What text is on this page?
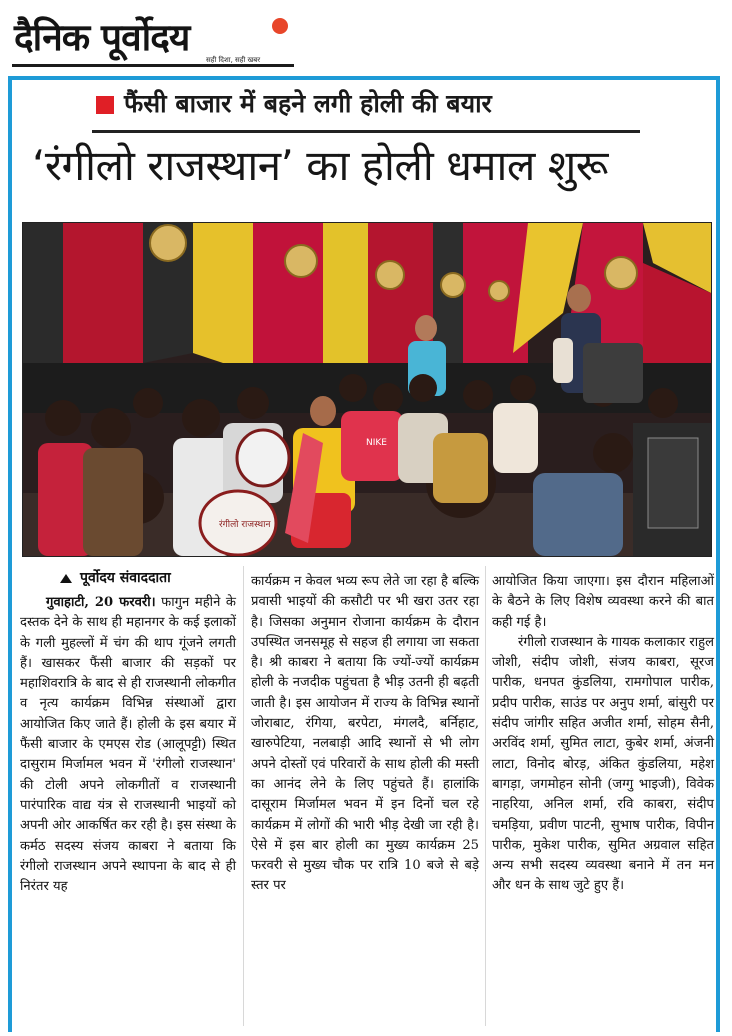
दैनिक पूर्वोदय
सही दिशा, सही खबर
फैंसी बाजार में बहने लगी होली की बयार
‘रंगीलो राजस्थान’ का होली धमाल शुरू
NIKE
रंगीलो राजस्थान
पूर्वोदय संवाददाता

गुवाहाटी, 20 फरवरी। फागुन महीने के दस्तक देने के साथ ही महानगर के कई इलाकों के गली मुहल्लों में चंग की थाप गूंजने लगती हैं। खासकर फैंसी बाजार की सड़कों पर महाशिवरात्रि के बाद से ही राजस्थानी लोकगीत व नृत्य कार्यक्रम विभिन्न संस्थाओं द्वारा आयोजित किए जाते हैं। होली के इस बयार में फैंसी बाजार के एमएस रोड (आलूपट्टी) स्थित दासुराम मिर्जामल भवन में 'रंगीलो राजस्थान' की टोली अपने लोकगीतों व राजस्थानी पारंपारिक वाद्य यंत्र से राजस्थानी भाइयों को अपनी ओर आकर्षित कर रही है। इस संस्था के कर्मठ सदस्य संजय काबरा ने बताया कि रंगीलो राजस्थान अपने स्थापना के बाद से ही निरंतर यह

कार्यक्रम न केवल भव्य रूप लेते जा रहा है बल्कि प्रवासी भाइयों की कसौटी पर भी खरा उतर रहा है। जिसका अनुमान रोजाना कार्यक्रम के दौरान उपस्थित जनसमूह से सहज ही लगाया जा सकता है। श्री काबरा ने बताया कि ज्यों-ज्यों कार्यक्रम होली के नजदीक पहुंचता है भीड़ उतनी ही बढ़ती जाती है। इस आयोजन में राज्य के विभिन्न स्थानों जोराबाट, रंगिया, बरपेटा, मंगलदै, बर्निहाट, खारुपेटिया, नलबाड़ी आदि स्थानों से भी लोग अपने दोस्तों एवं परिवारों के साथ होली की मस्ती का आनंद लेने के लिए पहुंचते हैं। हालांकि दासूराम मिर्जामल भवन में इन दिनों चल रहे कार्यक्रम में लोगों की भारी भीड़ देखी जा रही है। ऐसे में इस बार होली का मुख्य कार्यक्रम 25 फरवरी से मुख्य चौक पर रात्रि 10 बजे से बड़े स्तर पर

आयोजित किया जाएगा। इस दौरान महिलाओं के बैठने के लिए विशेष व्यवस्था करने की बात कही गई है।

रंगीलो राजस्थान के गायक कलाकार राहुल जोशी, संदीप जोशी, संजय काबरा, सूरज पारीक, धनपत कुंडलिया, रामगोपाल पारीक, प्रदीप पारीक, साउंड पर अनुप शर्मा, बांसुरी पर संदीप जांगीर सहित अजीत शर्मा, सोहम सैनी, अरविंद शर्मा, सुमित लाटा, कुबेर शर्मा, अंजनी लाटा, विनोद बोरड़, अंकित कुंडलिया, महेश बागड़ा, जगमोहन सोनी (जग्गु भाइजी), विवेक नाहरिया, अनिल शर्मा, रवि काबरा, संदीप चमड़िया, प्रवीण पाटनी, सुभाष पारीक, विपीन पारीक, मुकेश पारीक, सुमित अग्रवाल सहित अन्य सभी सदस्य व्यवस्था बनाने में तन मन और धन के साथ जुटे हुए हैं।
